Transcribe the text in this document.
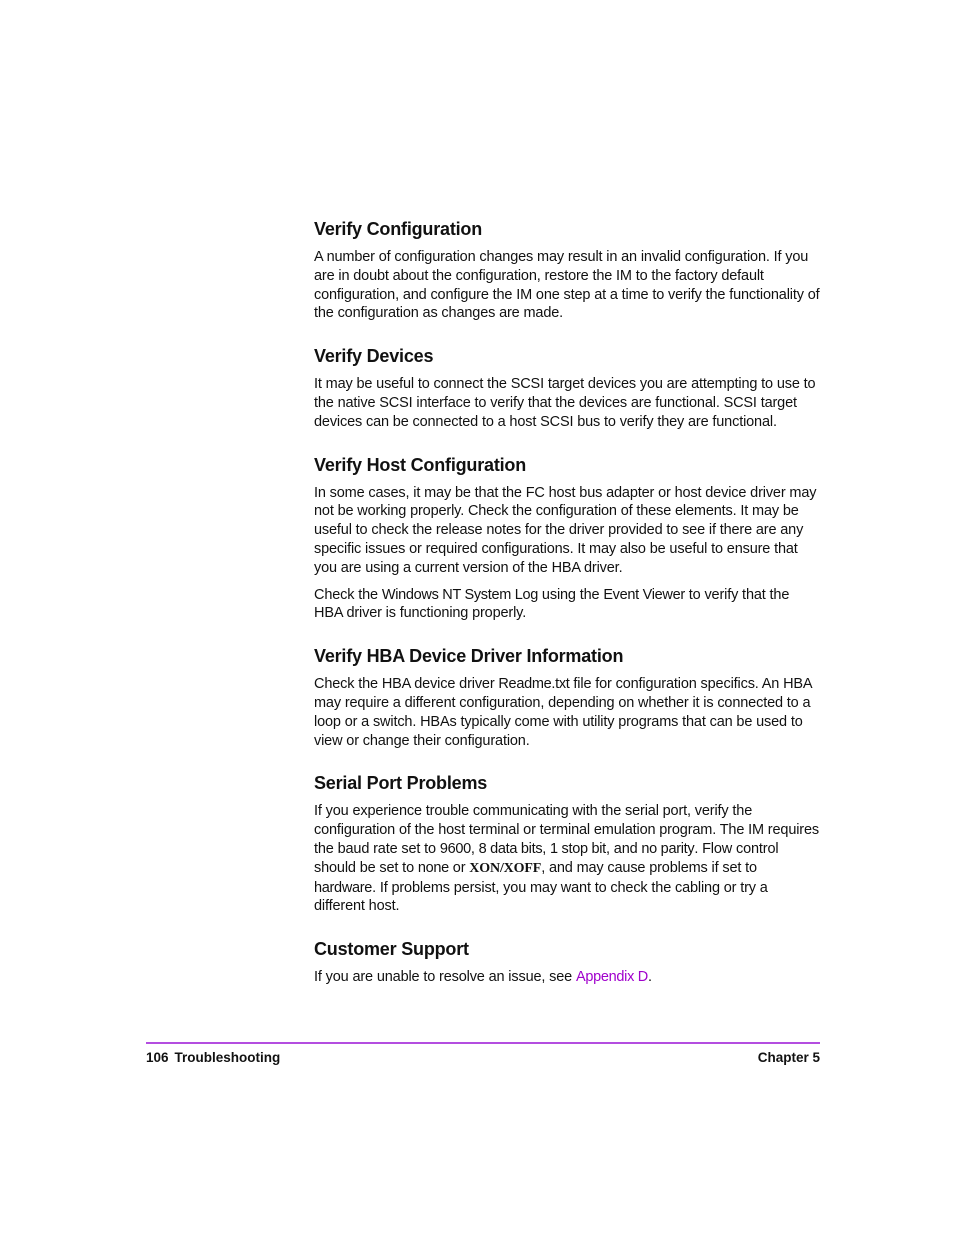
Verify Configuration

A number of configuration changes may result in an invalid configuration. If you are in doubt about the configuration, restore the IM to the factory default configuration, and configure the IM one step at a time to verify the functionality of the configuration as changes are made.

Verify Devices

It may be useful to connect the SCSI target devices you are attempting to use to the native SCSI interface to verify that the devices are functional. SCSI target devices can be connected to a host SCSI bus to verify they are functional.

Verify Host Configuration

In some cases, it may be that the FC host bus adapter or host device driver may not be working properly. Check the configuration of these elements. It may be useful to check the release notes for the driver provided to see if there are any specific issues or required configurations. It may also be useful to ensure that you are using a current version of the HBA driver.

Check the Windows NT System Log using the Event Viewer to verify that the HBA driver is functioning properly.

Verify HBA Device Driver Information

Check the HBA device driver Readme.txt file for configuration specifics. An HBA may require a different configuration, depending on whether it is connected to a loop or a switch. HBAs typically come with utility programs that can be used to view or change their configuration.

Serial Port Problems

If you experience trouble communicating with the serial port, verify the configuration of the host terminal or terminal emulation program. The IM requires the baud rate set to 9600, 8 data bits, 1 stop bit, and no parity. Flow control should be set to none or XON/XOFF, and may cause problems if set to hardware. If problems persist, you may want to check the cabling or try a different host.

Customer Support

If you are unable to resolve an issue, see Appendix D.

106 Troubleshooting	Chapter 5
